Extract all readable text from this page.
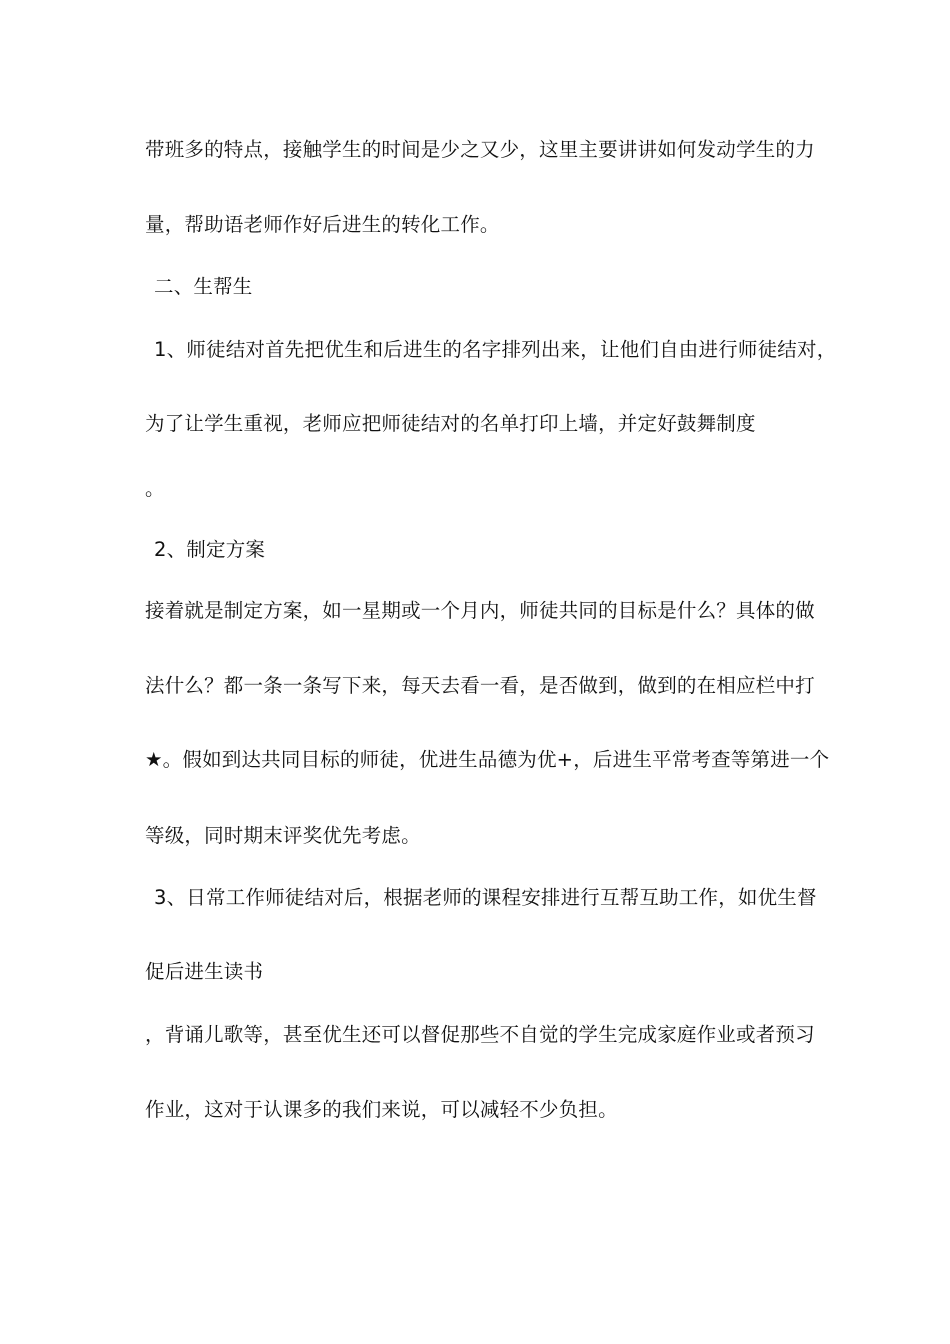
带班多的特点，接触学生的时间是少之又少，这里主要讲讲如何发动学生的力
量，帮助语老师作好后进生的转化工作。
二、生帮生
1、师徒结对首先把优生和后进生的名字排列出来，让他们自由进行师徒结对，
为了让学生重视，老师应把师徒结对的名单打印上墙，并定好鼓舞制度
。
2、制定方案
接着就是制定方案，如一星期或一个月内，师徒共同的目标是什么？具体的做
法什么？都一条一条写下来，每天去看一看，是否做到，做到的在相应栏中打
★。假如到达共同目标的师徒，优进生品德为优+，后进生平常考查等第进一个
等级，同时期末评奖优先考虑。
3、日常工作师徒结对后，根据老师的课程安排进行互帮互助工作，如优生督
促后进生读书
，背诵儿歌等，甚至优生还可以督促那些不自觉的学生完成家庭作业或者预习
作业，这对于认课多的我们来说，可以减轻不少负担。
